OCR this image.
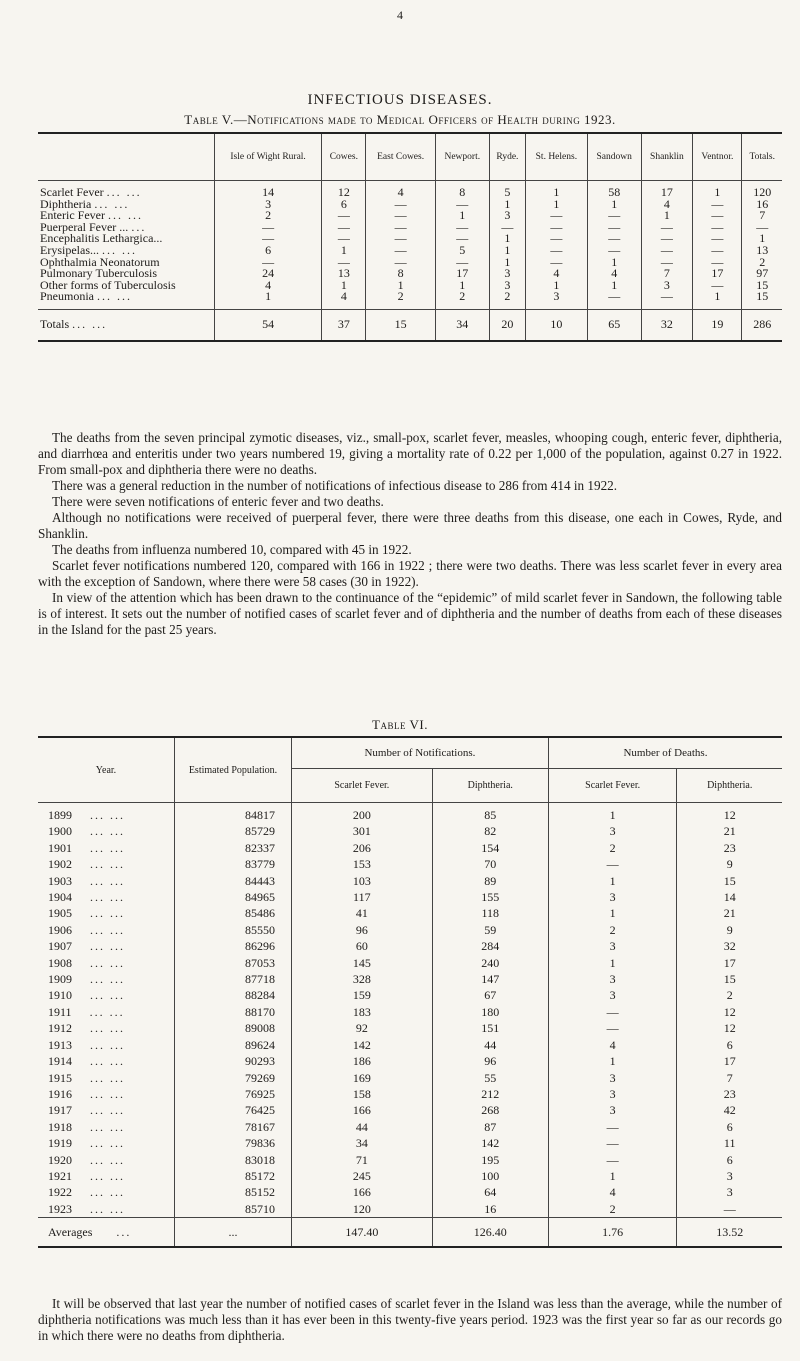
4
INFECTIOUS DISEASES.
Table V.—Notifications made to Medical Officers of Health during 1923.
	Isle of Wight Rural.	Cowes.	East Cowes.	Newport.	Ryde.	St. Helens.	Sandown	Shanklin	Ventnor.	Totals.

Scarlet Fever ... ...	14	12	4	8	5	1	58	17	1	120
Diphtheria ... ...	3	6	—	—	1	1	1	4	—	16
Enteric Fever ... ...	2	—	—	1	3	—	—	1	—	7
Puerperal Fever ... ...	—	—	—	—	—	—	—	—	—	—
Encephalitis Lethargica...	—	—	—	—	1	—	—	—	—	1
Erysipelas... ... ...	6	1	—	5	1	—	—	—	—	13
Ophthalmia Neonatorum	—	—	—	—	1	—	1	—	—	2
Pulmonary Tuberculosis	24	13	8	17	3	4	4	7	17	97
Other forms of Tuberculosis	4	1	1	1	3	1	1	3	—	15
Pneumonia ... ...	1	4	2	2	2	3	—	—	1	15

Totals ... ...	54	37	15	34	20	10	65	32	19	286

The deaths from the seven principal zymotic diseases, viz., small-pox, scarlet fever, measles, whooping cough, enteric fever, diphtheria, and diarrhœa and enteritis under two years numbered 19, giving a mortality rate of 0.22 per 1,000 of the population, against 0.27 in 1922. From small-pox and diphtheria there were no deaths.

There was a general reduction in the number of notifications of infectious disease to 286 from 414 in 1922.

There were seven notifications of enteric fever and two deaths.

Although no notifications were received of puerperal fever, there were three deaths from this disease, one each in Cowes, Ryde, and Shanklin.

The deaths from influenza numbered 10, compared with 45 in 1922.

Scarlet fever notifications numbered 120, compared with 166 in 1922 ; there were two deaths. There was less scarlet fever in every area with the exception of Sandown, where there were 58 cases (30 in 1922).

In view of the attention which has been drawn to the continuance of the “epidemic” of mild scarlet fever in Sandown, the following table is of interest. It sets out the number of notified cases of scarlet fever and of diphtheria and the number of deaths from each of these diseases in the Island for the past 25 years.

Table VI.
Year.	Estimated Population.	Number of Notifications.		Number of Deaths.	
		Scarlet Fever.	Diphtheria.	Scarlet Fever.	Diphtheria.

1899 ... ...	84817	200	85	1	12
1900 ... ...	85729	301	82	3	21
1901 ... ...	82337	206	154	2	23
1902 ... ...	83779	153	70	—	9
1903 ... ...	84443	103	89	1	15
1904 ... ...	84965	117	155	3	14
1905 ... ...	85486	41	118	1	21
1906 ... ...	85550	96	59	2	9
1907 ... ...	86296	60	284	3	32
1908 ... ...	87053	145	240	1	17
1909 ... ...	87718	328	147	3	15
1910 ... ...	88284	159	67	3	2
1911 ... ...	88170	183	180	—	12
1912 ... ...	89008	92	151	—	12
1913 ... ...	89624	142	44	4	6
1914 ... ...	90293	186	96	1	17
1915 ... ...	79269	169	55	3	7
1916 ... ...	76925	158	212	3	23
1917 ... ...	76425	166	268	3	42
1918 ... ...	78167	44	87	—	6
1919 ... ...	79836	34	142	—	11
1920 ... ...	83018	71	195	—	6
1921 ... ...	85172	245	100	1	3
1922 ... ...	85152	166	64	4	3
1923 ... ...	85710	120	16	2	—
Averages ...	...	147.40	126.40	1.76	13.52

It will be observed that last year the number of notified cases of scarlet fever in the Island was less than the average, while the number of diphtheria notifications was much less than it has ever been in this twenty-five years period. 1923 was the first year so far as our records go in which there were no deaths from diphtheria.
